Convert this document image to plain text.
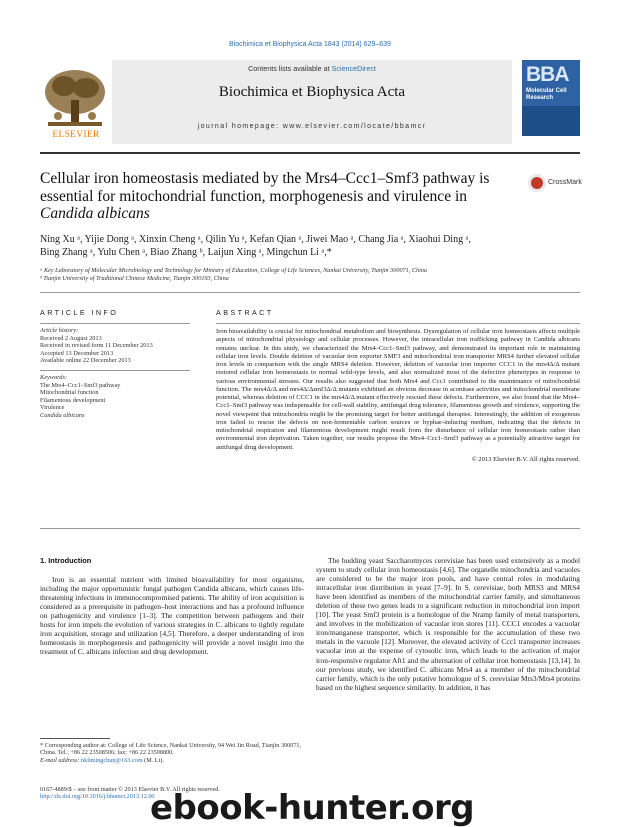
Biochimica et Biophysica Acta 1843 (2014) 629–639
ELSEVIER
Contents lists available at ScienceDirect
Biochimica et Biophysica Acta
journal homepage: www.elsevier.com/locate/bbamcr
BBA
Molecular Cell Research
Cellular iron homeostasis mediated by the Mrs4–Ccc1–Smf3 pathway is
essential for mitochondrial function, morphogenesis and virulence in
Candida albicans
CrossMark
Ning Xu ᵃ, Yijie Dong ᵃ, Xinxin Cheng ᵃ, Qilin Yu ᵃ, Kefan Qian ᵃ, Jiwei Mao ᵃ, Chang Jia ᵃ, Xiaohui Ding ᵃ,
Bing Zhang ᵃ, Yulu Chen ᵃ, Biao Zhang ᵇ, Laijun Xing ᵃ, Mingchun Li ᵃ,*
ᵃ Key Laboratory of Molecular Microbiology and Technology for Ministry of Education, College of Life Sciences, Nankai University, Tianjin 300071, China
ᵇ Tianjin University of Traditional Chinese Medicine, Tianjin 300193, China
ARTICLE INFO
Article history:
Received 2 August 2013
Received in revised form 11 December 2013
Accepted 13 December 2013
Available online 22 December 2013
Keywords:
The Mrs4–Ccc1–Smf3 pathway
Mitochondrial function
Filamentous development
Virulence
Candida albicans
ABSTRACT
Iron bioavailability is crucial for mitochondrial metabolism and biosynthesis. Dysregulation of cellular iron homeostasis affects multiple aspects of mitochondrial physiology and cellular processes. However, the intracellular iron trafficking pathway in Candida albicans remains unclear. In this study, we characterized the Mrs4–Ccc1–Smf3 pathway, and demonstrated its important role in maintaining cellular iron levels. Double deletion of vacuolar iron exporter SMF3 and mitochondrial iron transporter MRS4 further elevated cellular iron levels in comparison with the single MRS4 deletion. However, deletion of vacuolar iron importer CCC1 in the mrs4Δ/Δ mutant restored cellular iron homeostasis to normal wild-type levels, and also normalized most of the defective phenotypes in response to various environmental stresses. Our results also suggested that both Mrs4 and Ccc1 contributed to the maintenance of mitochondrial function. The mrs4Δ/Δ and mrs4Δ/Δsmf3Δ/Δ mutants exhibited an obvious decrease in aconitase activities and mitochondrial membrane potential, whereas deletion of CCC1 in the mrs4Δ/Δ mutant effectively rescued these defects. Furthermore, we also found that the Mrs4–Ccc1–Smf3 pathway was indispensable for cell-wall stability, antifungal drug tolerance, filamentous growth and virulence, supporting the novel viewpoint that mitochondria might be the promising target for better antifungal therapies. Interestingly, the addition of exogenous iron failed to rescue the defects on non-fermentable carbon sources or hyphae-inducing medium, indicating that the defects in mitochondrial respiration and filamentous development might result from the disturbance of cellular iron homeostasis rather than environmental iron deprivation. Taken together, our results propose the Mrs4–Ccc1–Smf3 pathway as a potentially attractive target for antifungal drug development.
© 2013 Elsevier B.V. All rights reserved.
1. Introduction
Iron is an essential nutrient with limited bioavailability for most organisms, including the major opportunistic fungal pathogen Candida albicans, which causes life-threatening infections in immunocompromised patients. The ability of iron acquisition is considered as a prerequisite in pathogen–host interactions and has a profound influence on pathogenicity and virulence [1–3]. The competition between pathogens and their hosts for iron impels the evolution of various strategies in C. albicans to tightly regulate iron acquisition, storage and utilization [4,5]. Therefore, a deeper understanding of iron homeostasis in morphogenesis and pathogenicity will provide a novel insight into the treatment of C. albicans infection and drug development.
The budding yeast Saccharomyces cerevisiae has been used extensively as a model system to study cellular iron homeostasis [4,6]. The organelle mitochondria and vacuoles are considered to be the major iron pools, and have central roles in modulating intracellular iron distribution in yeast [7–9]. In S. cerevisiae, both MRS3 and MRS4 have been identified as members of the mitochondrial carrier family, and simultaneous deletion of these two genes leads to a significant reduction in mitochondrial iron import [10]. The yeast Smf3 protein is a homologue of the Nramp family of metal transporters, and involves in the mobilization of vacuolar iron stores [11]. CCC1 encodes a vacuolar iron/manganese transporter, which is responsible for the accumulation of these two metals in the vacuole [12]. Moreover, the elevated activity of Ccc1 transporter increases vacuolar iron at the expense of cytosolic iron, which leads to the activation of major iron-responsive regulator Aft1 and the alternation of cellular iron homeostasis [13,14]. In our previous study, we identified C. albicans Mrs4 as a member of the mitochondrial carrier family, which is the only putative homologue of S. cerevisiae Mrs3/Mrs4 proteins based on the highest sequence similarity. In addition, it has
* Corresponding author at: College of Life Science, Nankai University, 94 Wei Jin Road, Tianjin 300071, China. Tel.: +86 22 23508506; fax: +86 22 23508800.
E-mail address: nklimingchun@163.com (M. Li).
0167-4889/$ – see front matter © 2013 Elsevier B.V. All rights reserved.
http://dx.doi.org/10.1016/j.bbamcr.2013.12.00
ebook-hunter.org
